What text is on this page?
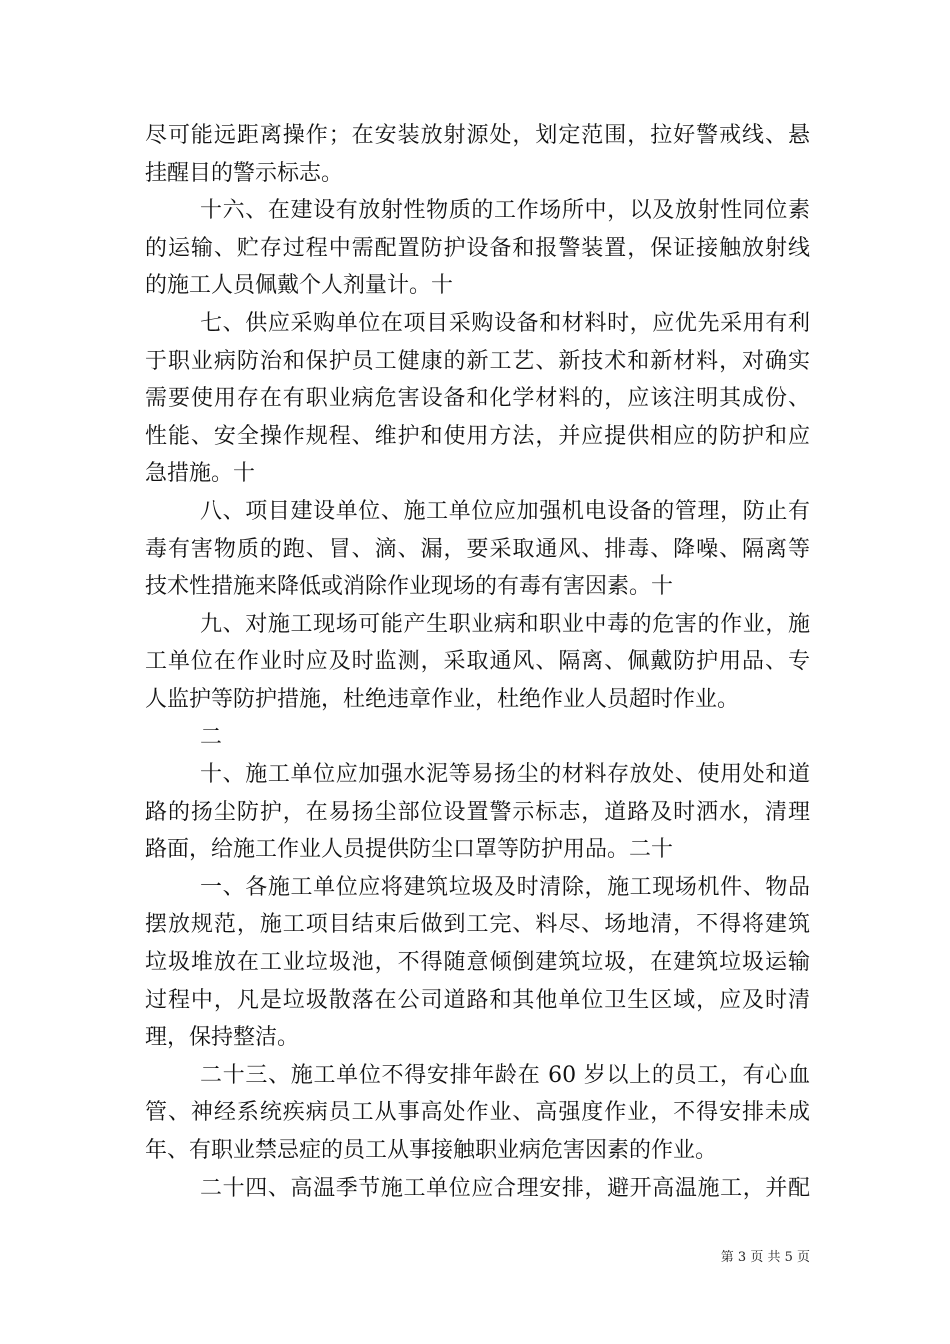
尽可能远距离操作；在安装放射源处，划定范围，拉好警戒线、悬
挂醒目的警示标志。
十六、在建设有放射性物质的工作场所中，以及放射性同位素
的运输、贮存过程中需配置防护设备和报警装置，保证接触放射线
的施工人员佩戴个人剂量计。十
七、供应采购单位在项目采购设备和材料时，应优先采用有利
于职业病防治和保护员工健康的新工艺、新技术和新材料，对确实
需要使用存在有职业病危害设备和化学材料的，应该注明其成份、
性能、安全操作规程、维护和使用方法，并应提供相应的防护和应
急措施。十
八、项目建设单位、施工单位应加强机电设备的管理，防止有
毒有害物质的跑、冒、滴、漏，要采取通风、排毒、降噪、隔离等
技术性措施来降低或消除作业现场的有毒有害因素。十
九、对施工现场可能产生职业病和职业中毒的危害的作业，施
工单位在作业时应及时监测，采取通风、隔离、佩戴防护用品、专
人监护等防护措施，杜绝违章作业，杜绝作业人员超时作业。
二
十、施工单位应加强水泥等易扬尘的材料存放处、使用处和道
路的扬尘防护，在易扬尘部位设置警示标志，道路及时洒水，清理
路面，给施工作业人员提供防尘口罩等防护用品。二十
一、各施工单位应将建筑垃圾及时清除，施工现场机件、物品
摆放规范，施工项目结束后做到工完、料尽、场地清，不得将建筑
垃圾堆放在工业垃圾池，不得随意倾倒建筑垃圾，在建筑垃圾运输
过程中，凡是垃圾散落在公司道路和其他单位卫生区域，应及时清
理，保持整洁。
二十三、施工单位不得安排年龄在 60 岁以上的员工，有心血
管、神经系统疾病员工从事高处作业、高强度作业，不得安排未成
年、有职业禁忌症的员工从事接触职业病危害因素的作业。
二十四、高温季节施工单位应合理安排，避开高温施工，并配
第 3 页 共 5 页
